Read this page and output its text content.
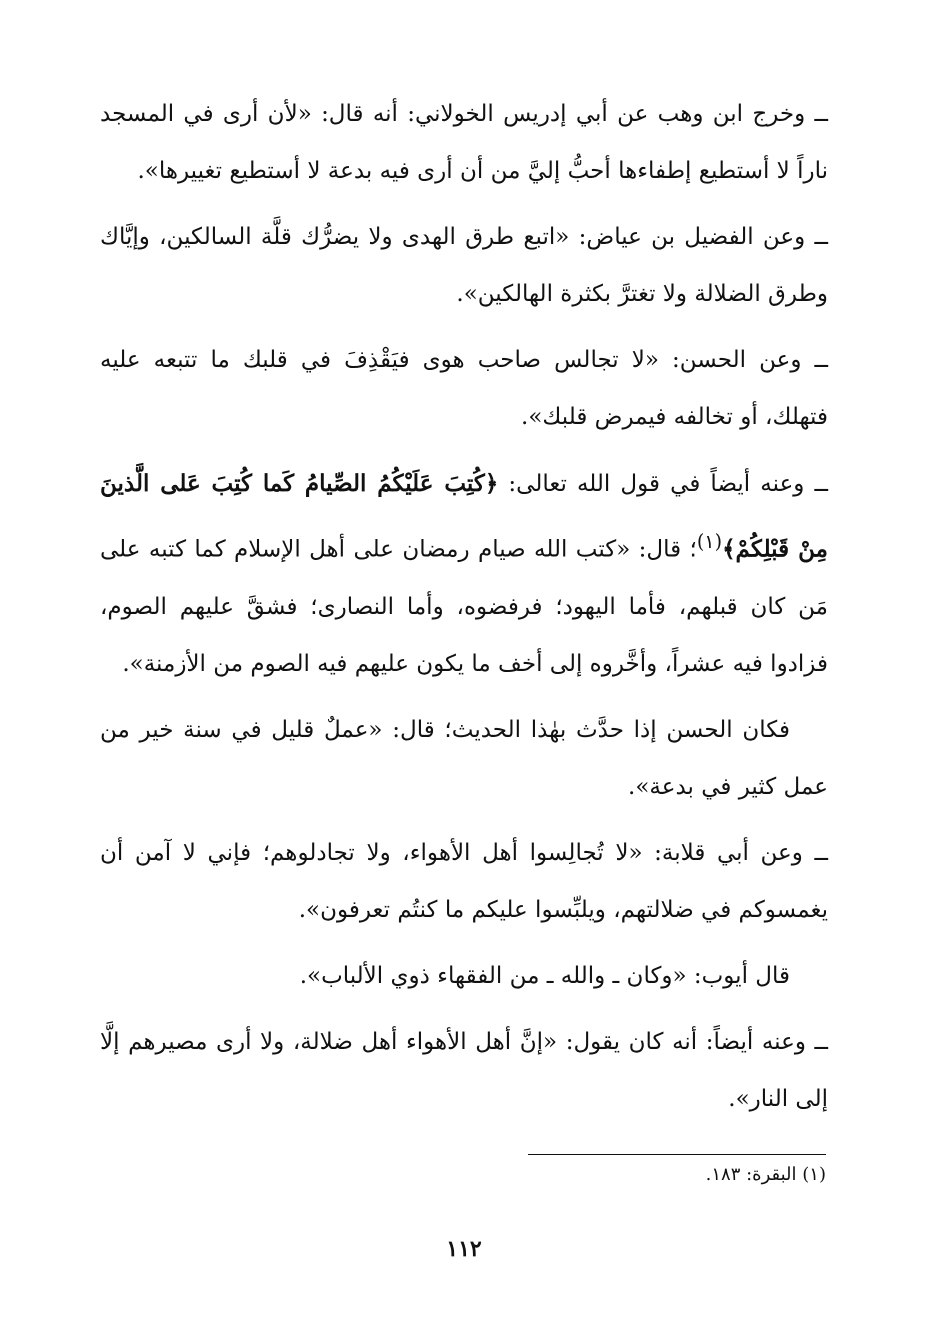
ــ وخرج ابن وهب عن أبي إدريس الخولاني: أنه قال: «لأن أرى في المسجد ناراً لا أستطيع إطفاءها أحبُّ إليَّ من أن أرى فيه بدعة لا أستطيع تغييرها».

ــ وعن الفضيل بن عياض: «اتبع طرق الهدى ولا يضرُّك قلَّة السالكين، وإيَّاك وطرق الضلالة ولا تغترَّ بكثرة الهالكين».

ــ وعن الحسن: «لا تجالس صاحب هوى فيَقْذِفَ في قلبك ما تتبعه عليه فتهلك، أو تخالفه فيمرض قلبك».

ــ وعنه أيضاً في قول الله تعالى: ﴿كُتِبَ عَلَيْكُمُ الصِّيامُ كَما كُتِبَ عَلى الَّذينَ مِنْ قَبْلِكُمْ﴾$^{(١)}$؛ قال: «كتب الله صيام رمضان على أهل الإسلام كما كتبه على مَن كان قبلهم، فأما اليهود؛ فرفضوه، وأما النصارى؛ فشقَّ عليهم الصوم، فزادوا فيه عشراً، وأخَّروه إلى أخف ما يكون عليهم فيه الصوم من الأزمنة».

فكان الحسن إذا حدَّث بهٰذا الحديث؛ قال: «عملٌ قليل في سنة خير من عمل كثير في بدعة».

ــ وعن أبي قلابة: «لا تُجالِسوا أهل الأهواء، ولا تجادلوهم؛ فإني لا آمن أن يغمسوكم في ضلالتهم، ويلبِّسوا عليكم ما كنتُم تعرفون».

قال أيوب: «وكان ـ والله ـ من الفقهاء ذوي الألباب».

ــ وعنه أيضاً: أنه كان يقول: «إنَّ أهل الأهواء أهل ضلالة، ولا أرى مصيرهم إلَّا إلى النار».

(١) البقرة: ١٨٣.
١١٢
